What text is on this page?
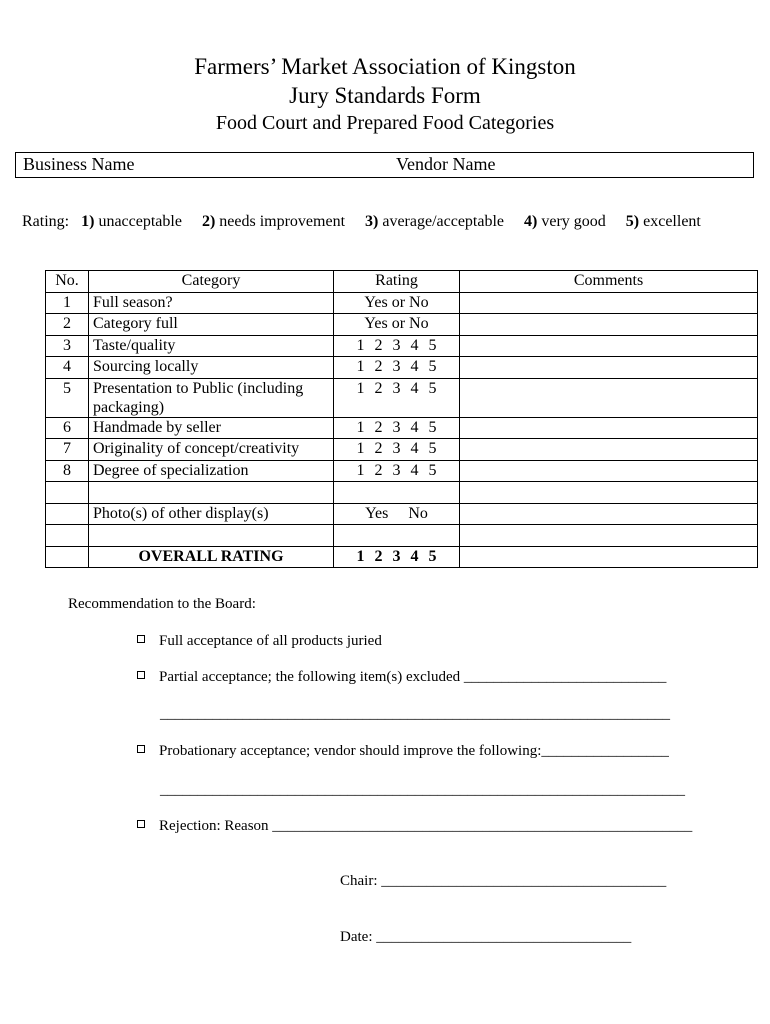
Farmers’ Market Association of Kingston
Jury Standards Form
Food Court and Prepared Food Categories
Business Name	Vendor Name
Rating: 1) unacceptable 2) needs improvement 3) average/acceptable 4) very good 5) excellent
No.	Category	Rating	Comments
1	Full season?	Yes or No	
2	Category full	Yes or No	
3	Taste/quality	1 2 3 4 5	
4	Sourcing locally	1 2 3 4 5	
5	Presentation to Public (including packaging)	1 2 3 4 5	
6	Handmade by seller	1 2 3 4 5	
7	Originality of concept/creativity	1 2 3 4 5	
8	Degree of specialization	1 2 3 4 5	

	Photo(s) of other display(s)	Yes No	

	OVERALL RATING	1 2 3 4 5	
Recommendation to the Board:
Full acceptance of all products juried
Partial acceptance; the following item(s) excluded ___________________________
____________________________________________________________________
Probationary acceptance; vendor should improve the following:_________________
______________________________________________________________________
Rejection: Reason ________________________________________________________
Chair: ______________________________________
Date: __________________________________
